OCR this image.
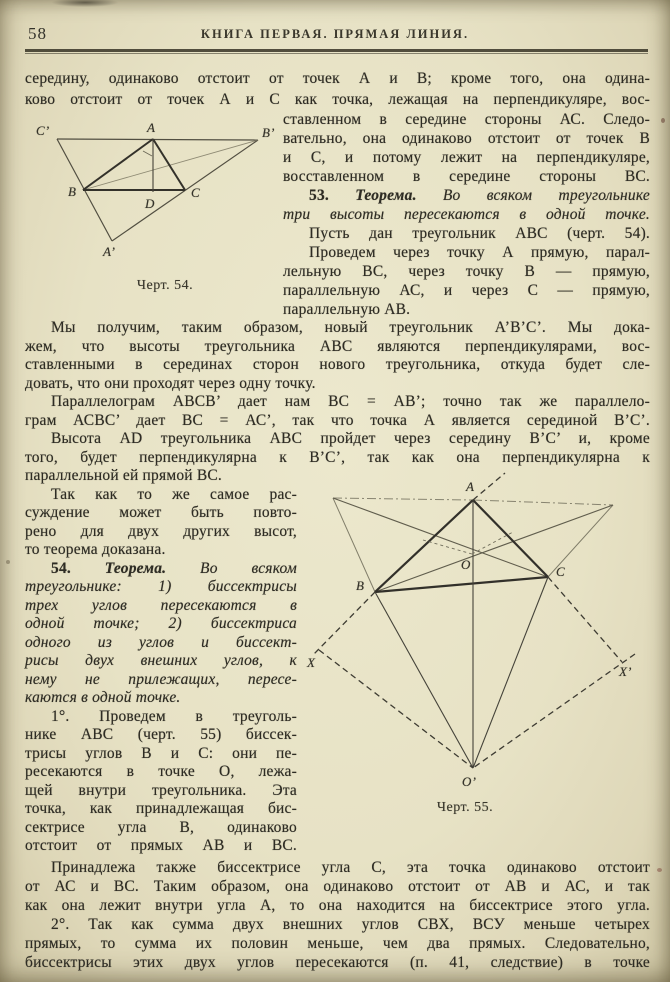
58	КНИГА ПЕРВАЯ. ПРЯМАЯ ЛИНИЯ.
середину, одинаково отстоит от точек А и В; кроме того, она одина-
ково отстоит от точек А и С как точка, лежащая на перпендикуляре, вос-
C’	A	B’
B	C
D
A’
Черт. 54.
ставленном в середине стороны АС. Следо-
вательно, она одинаково отстоит от точек В
и С, и потому лежит на перпендикуляре,
восставленном в середине стороны ВС.
53. Теорема. Во всяком треугольнике
три высоты пересекаются в одной точке.
Пусть дан треугольник АВС (черт. 54).
Проведем через точку А прямую, парал-
лельную ВС, через точку В — прямую,
параллельную АС, и через С — прямую,
параллельную АВ.
Мы получим, таким образом, новый треугольник А’В’С’. Мы дока-
жем, что высоты треугольника АВС являются перпендикулярами, вос-
ставленными в серединах сторон нового треугольника, откуда будет сле-
довать, что они проходят через одну точку.
Параллелограм АВСВ’ дает нам ВС = АВ’; точно так же параллело-
грам АСВС’ дает ВС = АС’, так что точка А является серединой В’С’.
Высота AD треугольника АВС пройдет через середину В’С’ и, кроме
того, будет перпендикулярна к В’С’, так как она перпендикулярна к
параллельной ей прямой ВС.
A
B
C
O
O’
X
X’
Черт. 55.
Так как то же самое рас-
суждение может быть повто-
рено для двух других высот,
то теорема доказана.
54. Теорема. Во всяком
треугольнике: 1) биссектрисы
трех углов пересекаются в
одной точке; 2) биссектриса
одного из углов и биссект-
рисы двух внешних углов, к
нему не прилежащих, пересе-
каются в одной точке.
1°. Проведем в треуголь-
нике АВС (черт. 55) биссек-
трисы углов В и С: они пе-
ресекаются в точке О, лежа-
щей внутри треугольника. Эта
точка, как принадлежащая бис-
сектрисе угла В, одинаково
отстоит от прямых АВ и ВС.
Принадлежа также биссектрисе угла С, эта точка одинаково отстоит
от АС и ВС. Таким образом, она одинаково отстоит от АВ и АС, и так
как она лежит внутри угла А, то она находится на биссектрисе этого угла.
2°. Так как сумма двух внешних углов СВХ, ВСУ меньше четырех
прямых, то сумма их половин меньше, чем два прямых. Следовательно,
биссектрисы этих двух углов пересекаются (п. 41, следствие) в точке
